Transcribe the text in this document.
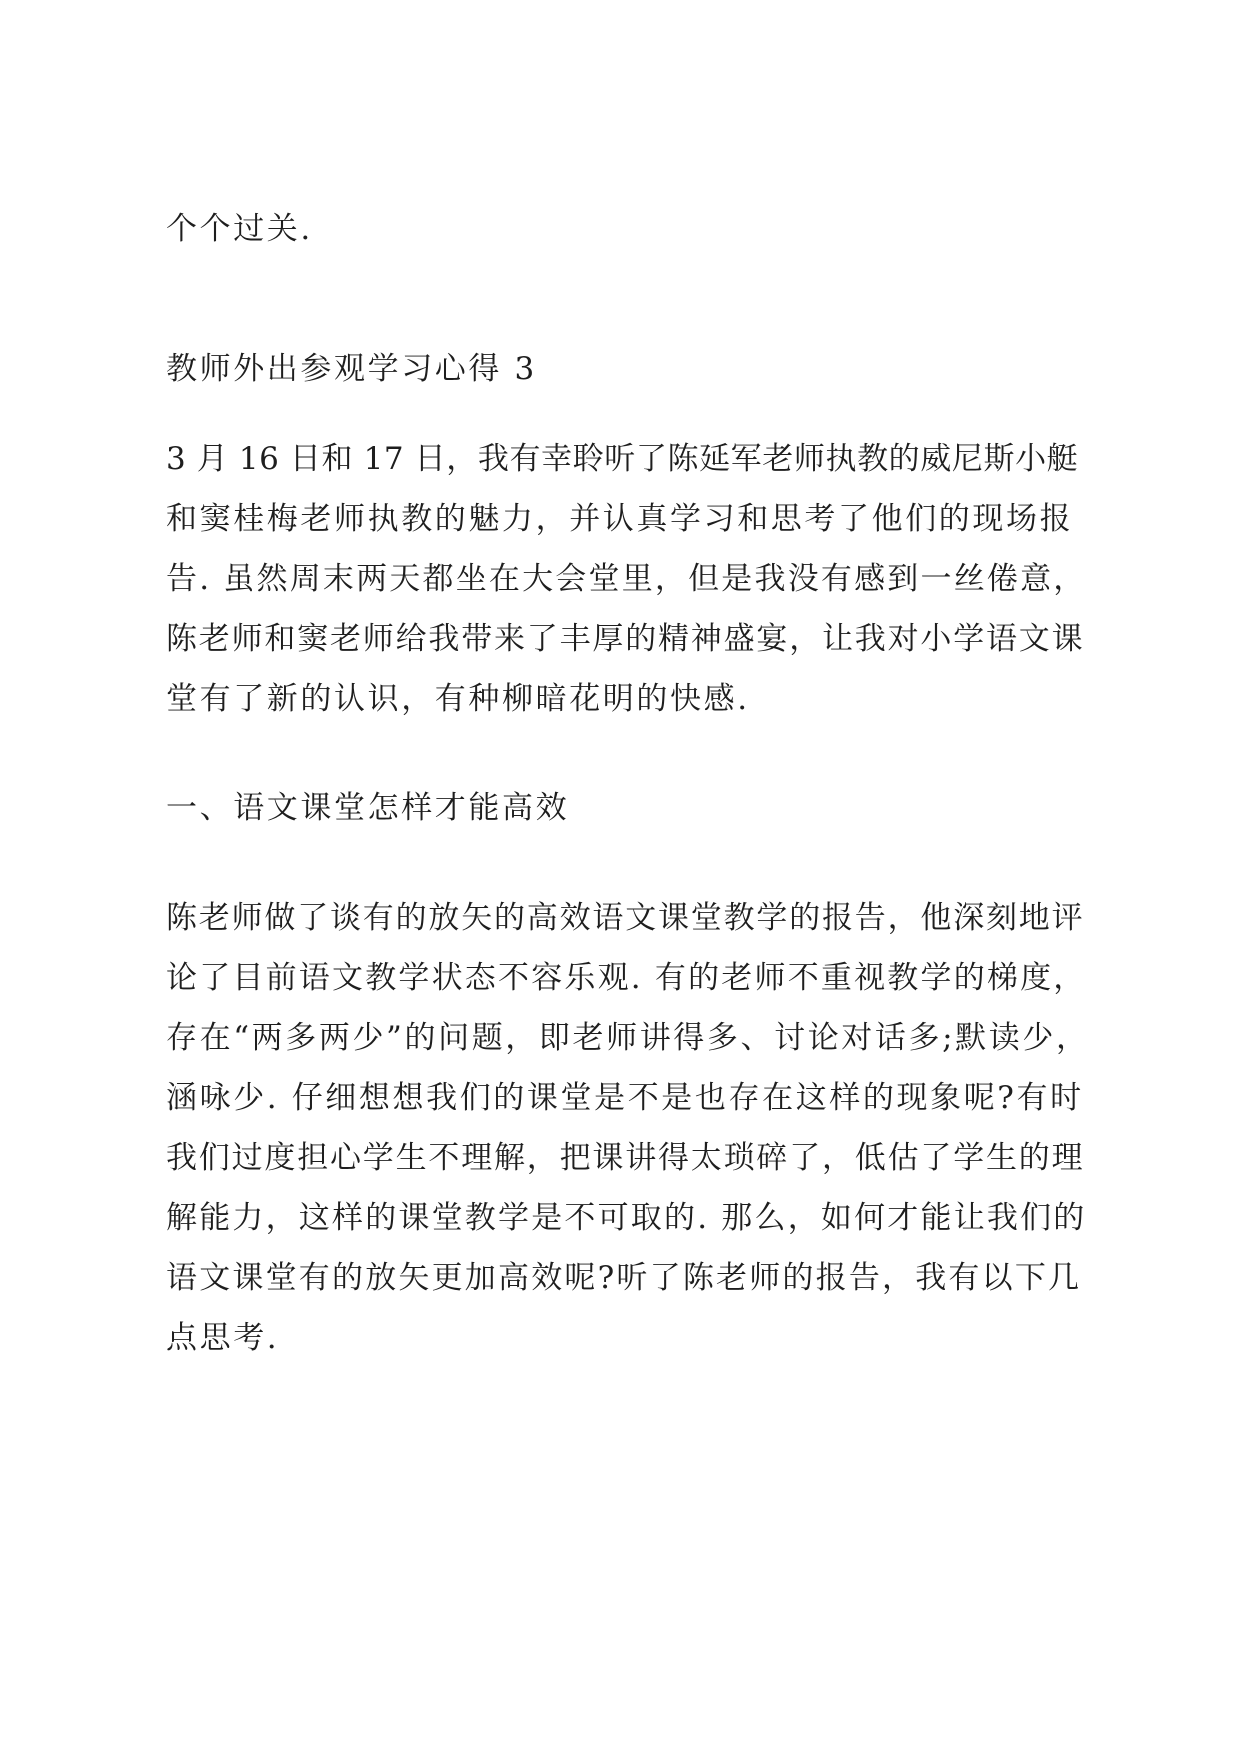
个个过关.

教师外出参观学习心得 3

3 月 16 日和 17 日，我有幸聆听了陈延军老师执教的威尼斯小艇

和窦桂梅老师执教的魅力，并认真学习和思考了他们的现场报

告. 虽然周末两天都坐在大会堂里，但是我没有感到一丝倦意，

陈老师和窦老师给我带来了丰厚的精神盛宴，让我对小学语文课

堂有了新的认识，有种柳暗花明的快感.

一、语文课堂怎样才能高效

陈老师做了谈有的放矢的高效语文课堂教学的报告，他深刻地评

论了目前语文教学状态不容乐观. 有的老师不重视教学的梯度，

存在“两多两少”的问题，即老师讲得多、讨论对话多;默读少，

涵咏少. 仔细想想我们的课堂是不是也存在这样的现象呢?有时

我们过度担心学生不理解，把课讲得太琐碎了，低估了学生的理

解能力，这样的课堂教学是不可取的. 那么，如何才能让我们的

语文课堂有的放矢更加高效呢?听了陈老师的报告，我有以下几

点思考.
